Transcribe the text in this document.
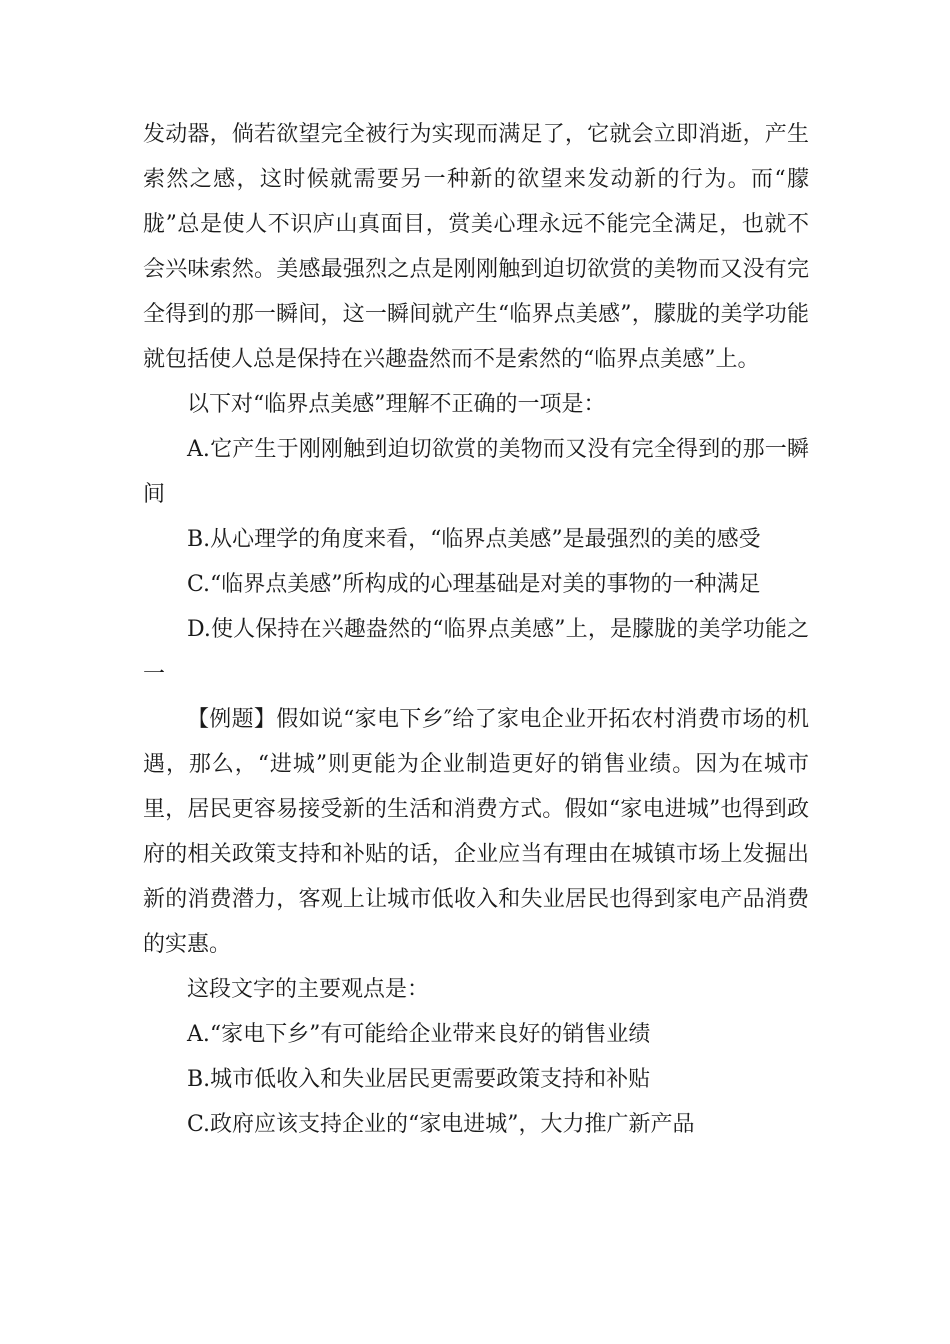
发动器，倘若欲望完全被行为实现而满足了，它就会立即消逝，产生索然之感，这时候就需要另一种新的欲望来发动新的行为。而“朦胧”总是使人不识庐山真面目，赏美心理永远不能完全满足，也就不会兴味索然。美感最强烈之点是刚刚触到迫切欲赏的美物而又没有完全得到的那一瞬间，这一瞬间就产生“临界点美感”，朦胧的美学功能就包括使人总是保持在兴趣盎然而不是索然的“临界点美感”上。

以下对“临界点美感”理解不正确的一项是：

A.它产生于刚刚触到迫切欲赏的美物而又没有完全得到的那一瞬间

B.从心理学的角度来看，“临界点美感”是最强烈的美的感受

C.“临界点美感”所构成的心理基础是对美的事物的一种满足

D.使人保持在兴趣盎然的“临界点美感”上，是朦胧的美学功能之一

【例题】假如说“家电下乡″给了家电企业开拓农村消费市场的机遇，那么，“进城”则更能为企业制造更好的销售业绩。因为在城市里，居民更容易接受新的生活和消费方式。假如“家电进城”也得到政府的相关政策支持和补贴的话，企业应当有理由在城镇市场上发掘出新的消费潜力，客观上让城市低收入和失业居民也得到家电产品消费的实惠。

这段文字的主要观点是：

A.“家电下乡”有可能给企业带来良好的销售业绩

B.城市低收入和失业居民更需要政策支持和补贴

C.政府应该支持企业的“家电进城”，大力推广新产品
